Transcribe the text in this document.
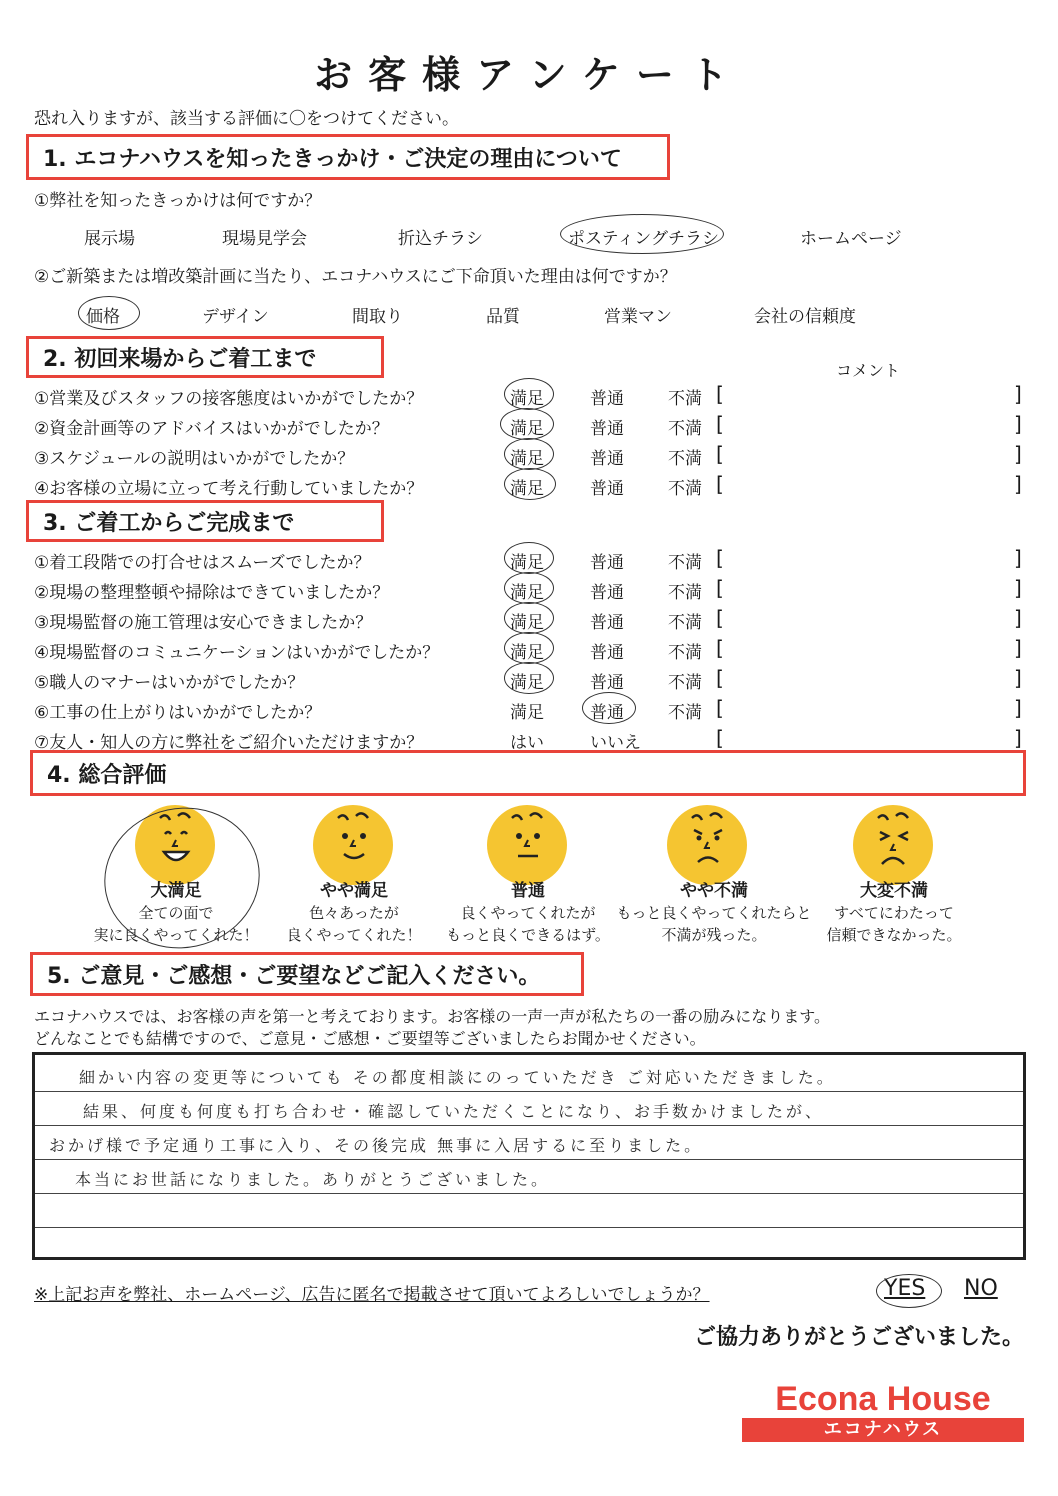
お客様アンケート
恐れ入りますが、該当する評価に〇をつけてください。
1. エコナハウスを知ったきっかけ・ご決定の理由について
①弊社を知ったきっかけは何ですか？
展示場	現場見学会	折込チラシ	ポスティングチラシ	ホームページ
②ご新築または増改築計画に当たり、エコナハウスにご下命頂いた理由は何ですか？
価格	デザイン	間取り	品質	営業マン	会社の信頼度
2. 初回来場からご着工まで	コメント
①営業及びスタッフの接客態度はいかがでしたか？	満足	普通	不満 [	]
②資金計画等のアドバイスはいかがでしたか？	満足	普通	不満 [	]
③スケジュールの説明はいかがでしたか？	満足	普通	不満 [	]
④お客様の立場に立って考え行動していましたか？	満足	普通	不満 [	]
3. ご着工からご完成まで
①着工段階での打合せはスムーズでしたか？	満足	普通	不満 [	]
②現場の整理整頓や掃除はできていましたか？	満足	普通	不満 [	]
③現場監督の施工管理は安心できましたか？	満足	普通	不満 [	]
④現場監督のコミュニケーションはいかがでしたか？	満足	普通	不満 [	]
⑤職人のマナーはいかがでしたか？	満足	普通	不満 [	]
⑥工事の仕上がりはいかがでしたか？	満足	普通	不満 [	]
⑦友人・知人の方に弊社をご紹介いただけますか？	はい	いいえ	[	]
4. 総合評価
大満足
全ての面で
実に良くやってくれた！
やや満足
色々あったが
良くやってくれた！
普通
良くやってくれたが
もっと良くできるはず。
やや不満
もっと良くやってくれたらと
不満が残った。
大変不満
すべてにわたって
信頼できなかった。
5. ご意見・ご感想・ご要望などご記入ください。
エコナハウスでは、お客様の声を第一と考えております。お客様の一声一声が私たちの一番の励みになります。
どんなことでも結構ですので、ご意見・ご感想・ご要望等ございましたらお聞かせください。
細かい内容の変更等についても その都度相談にのっていただき ご対応いただきました。
結果、何度も何度も打ち合わせ・確認していただくことになり、お手数かけましたが、
おかげ様で予定通り工事に入り、その後完成 無事に入居するに至りました。
本当にお世話になりました。ありがとうございました。
※上記お声を弊社、ホームページ、広告に匿名で掲載させて頂いてよろしいでしょうか？	YES NO
ご協力ありがとうございました。
Econa House
エコナハウス
